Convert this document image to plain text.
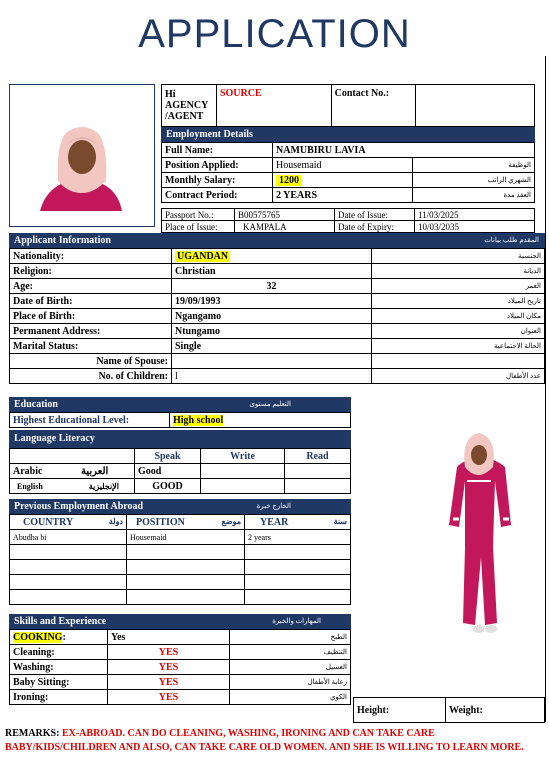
APPLICATION
Hi
AGENCY
/AGENT	SOURCE	Contact No.:	
Employment Details
Full Name:	NAMUBIRU LAVIA	
Position Applied:	Housemaid	الوظيفة
Monthly Salary:	1200	الشهري الراتب
Contract Period:	2 YEARS	العقد مدة
Passport No.:	B00575765	Date of Issue:	11/03/2025
Place of Issue:	KAMPALA	Date of Expiry:	10/03/2035
Applicant Information	المقدم طلب بيانات
Nationality:	UGANDAN	الجنسية
Religion:	Christian	الديانة
Age:	32	العمر
Date of Birth:	19/09/1993	تاريخ الميلاد
Place of Birth:	Ngangamo	مكان الميلاد
Permanent Address:	Ntungamo	العنوان
Marital Status:	Single	الحالة الاجتماعية
Name of Spouse:		
No. of Children:	l	عدد الأطفال
Education	التعليم مستوى
Highest Educational Level:	High school
Language Literacy
	Speak	Write	Read
Arabic العربية	Good		
English الإنجليزية	GOOD		
Previous Employment Abroad	الخارج خبرة
COUNTRY دولة	POSITION موضع	YEAR سنة

Abudha bi	Housemaid	2 years

Skills and Experience	المهارات والخبرة
COOKING:	Yes	الطبخ
Cleaning:	YES	التنظيف
Washing:	YES	الغسيل
Baby Sitting:	YES	رعاية الأطفال
Ironing:	YES	الكوي
Height:	Weight:
REMARKS: EX-ABROAD. CAN DO CLEANING, WASHING, IRONING AND CAN TAKE CARE BABY/KIDS/CHILDREN AND ALSO, CAN TAKE CARE OLD WOMEN. AND SHE IS WILLING TO LEARN MORE.
